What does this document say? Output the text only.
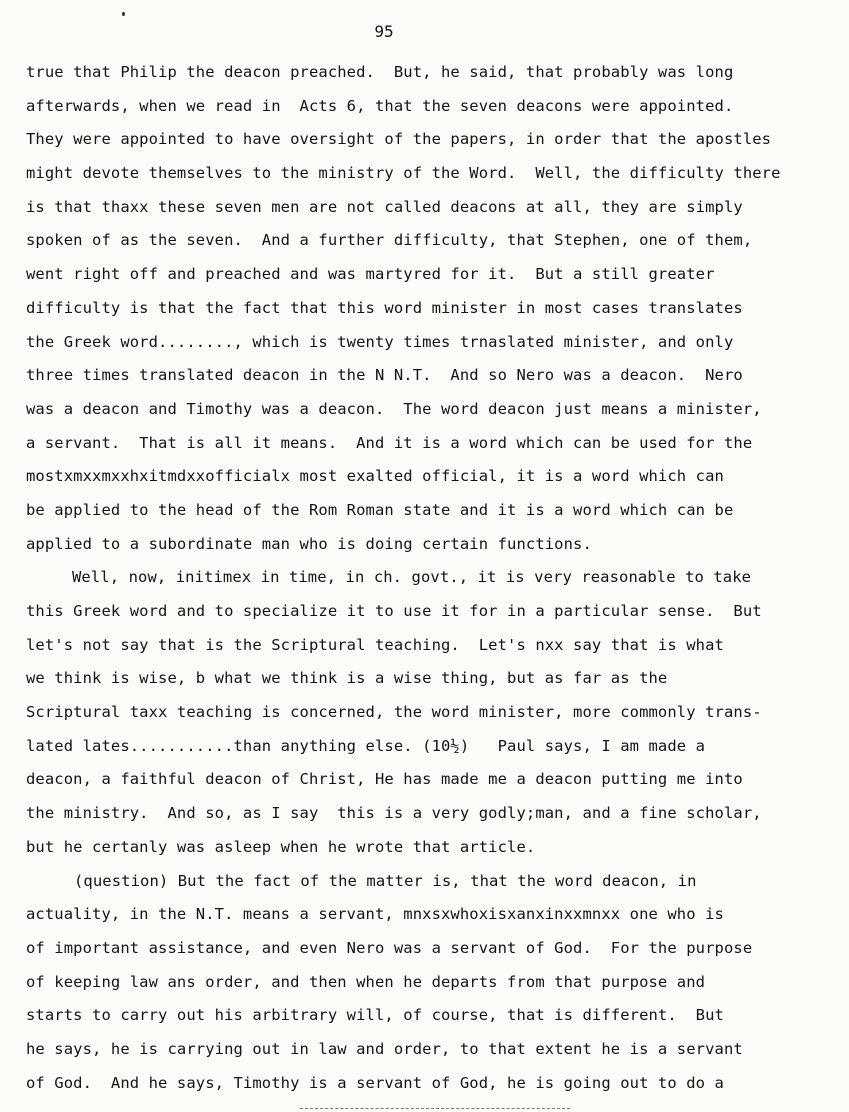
95
true that Philip the deacon preached.  But, he said, that probably was long
afterwards, when we read in  Acts 6, that the seven deacons were appointed.
They were appointed to have oversight of the papers, in order that the apostles
might devote themselves to the ministry of the Word.  Well, the difficulty there
is that thaxx these seven men are not called deacons at all, they are simply
spoken of as the seven.  And a further difficulty, that Stephen, one of them,
went right off and preached and was martyred for it.  But a still greater
difficulty is that the fact that this word minister in most cases translates
the Greek word........, which is twenty times trnaslated minister, and only
three times translated deacon in the N N.T.  And so Nero was a deacon.  Nero
was a deacon and Timothy was a deacon.  The word deacon just means a minister,
a servant.  That is all it means.  And it is a word which can be used for the
mostxmxxmxxhxitmdxxofficialx most exalted official, it is a word which can
be applied to the head of the Rom Roman state and it is a word which can be
applied to a subordinate man who is doing certain functions.
Well, now, initimex in time, in ch. govt., it is very reasonable to take
this Greek word and to specialize it to use it for in a particular sense.  But
let's not say that is the Scriptural teaching.  Let's nxx say that is what
we think is wise, b what we think is a wise thing, but as far as the
Scriptural taxx teaching is concerned, the word minister, more commonly trans-
lated lates...........than anything else. (10½)   Paul says, I am made a
deacon, a faithful deacon of Christ, He has made me a deacon putting me into
the ministry.  And so, as I say  this is a very godly;man, and a fine scholar,
but he certanly was asleep when he wrote that article.
(question) But the fact of the matter is, that the word deacon, in
actuality, in the N.T. means a servant, mnxsxwhoxisxanxinxxmnxx one who is
of important assistance, and even Nero was a servant of God.  For the purpose
of keeping law ans order, and then when he departs from that purpose and
starts to carry out his arbitrary will, of course, that is different.  But
he says, he is carrying out in law and order, to that extent he is a servant
of God.  And he says, Timothy is a servant of God, he is going out to do a
